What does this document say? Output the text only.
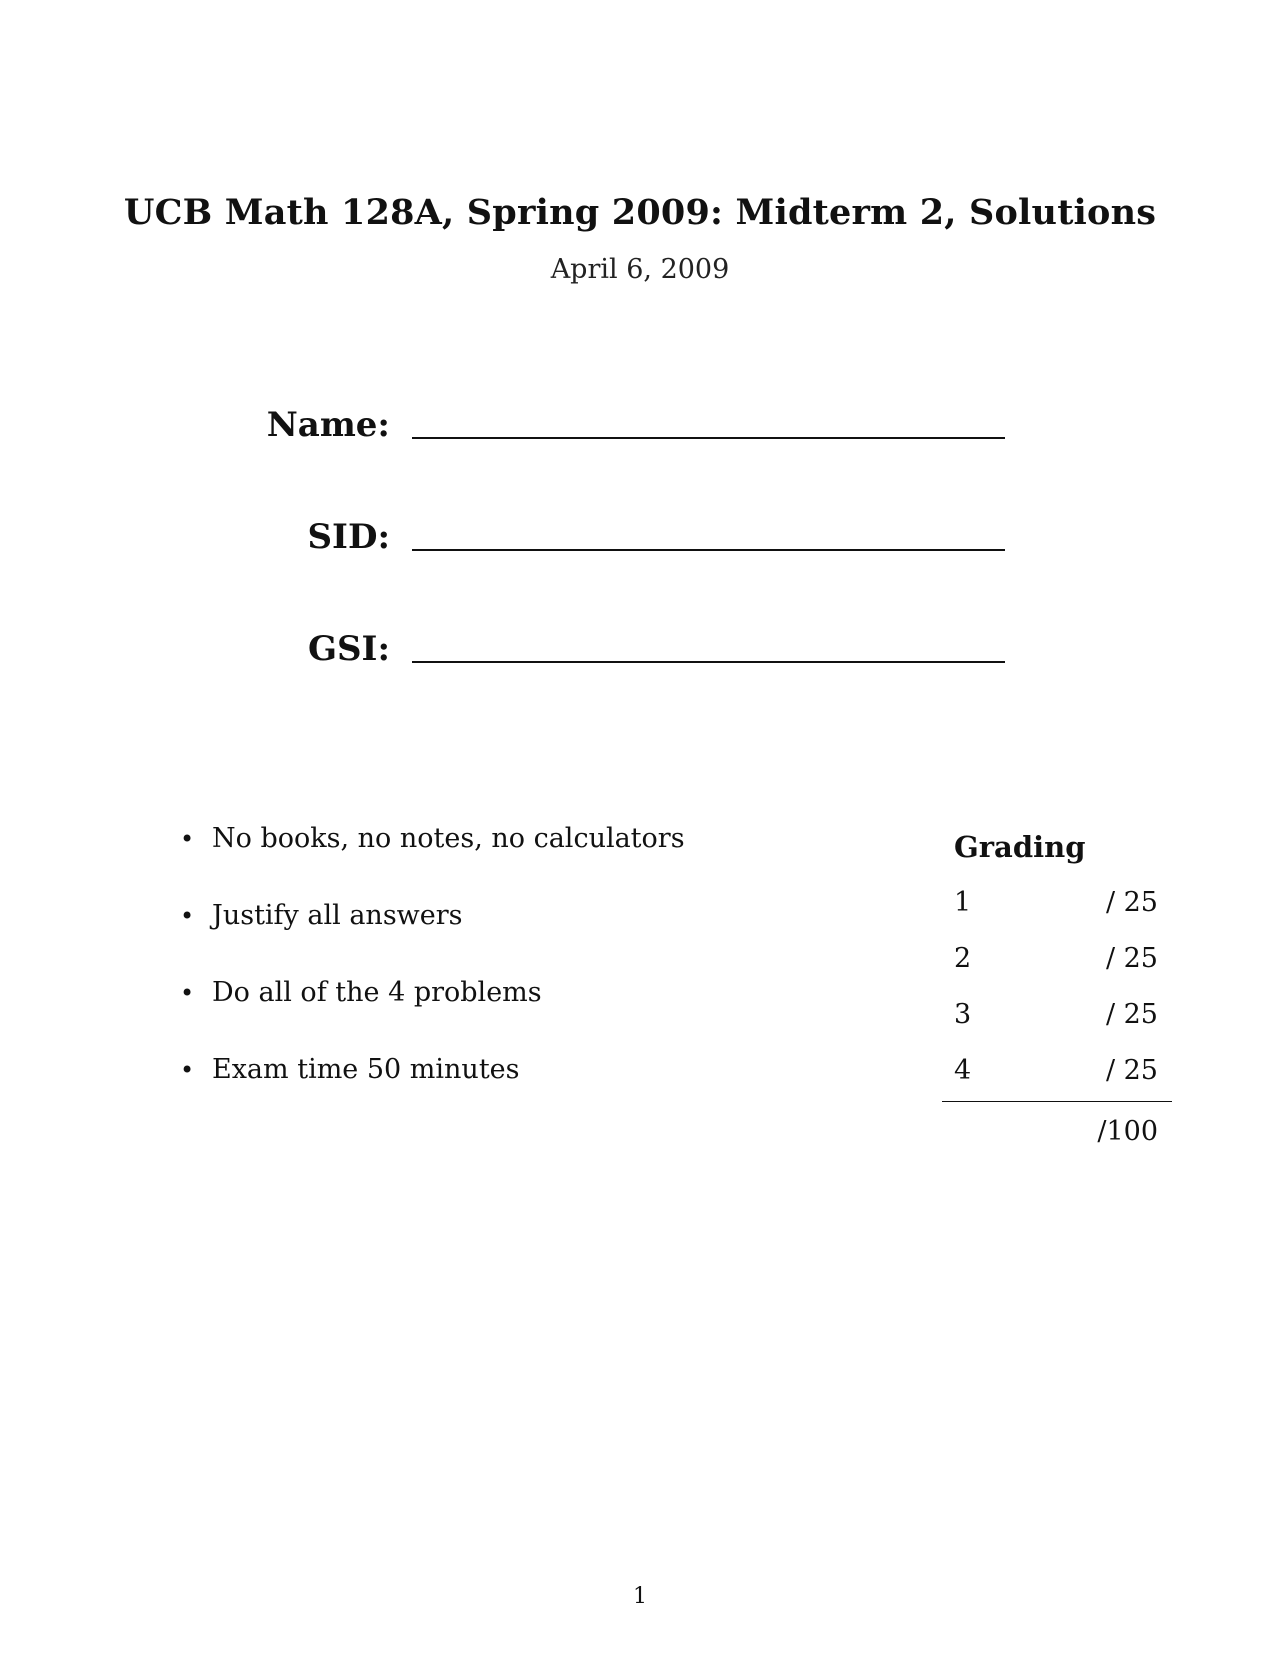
UCB Math 128A, Spring 2009: Midterm 2, Solutions
April 6, 2009
Name:
SID:
GSI:
• No books, no notes, no calculators
• Justify all answers
• Do all of the 4 problems
• Exam time 50 minutes
Grading
1	/ 25
2	/ 25
3	/ 25
4	/ 25
/100
1
